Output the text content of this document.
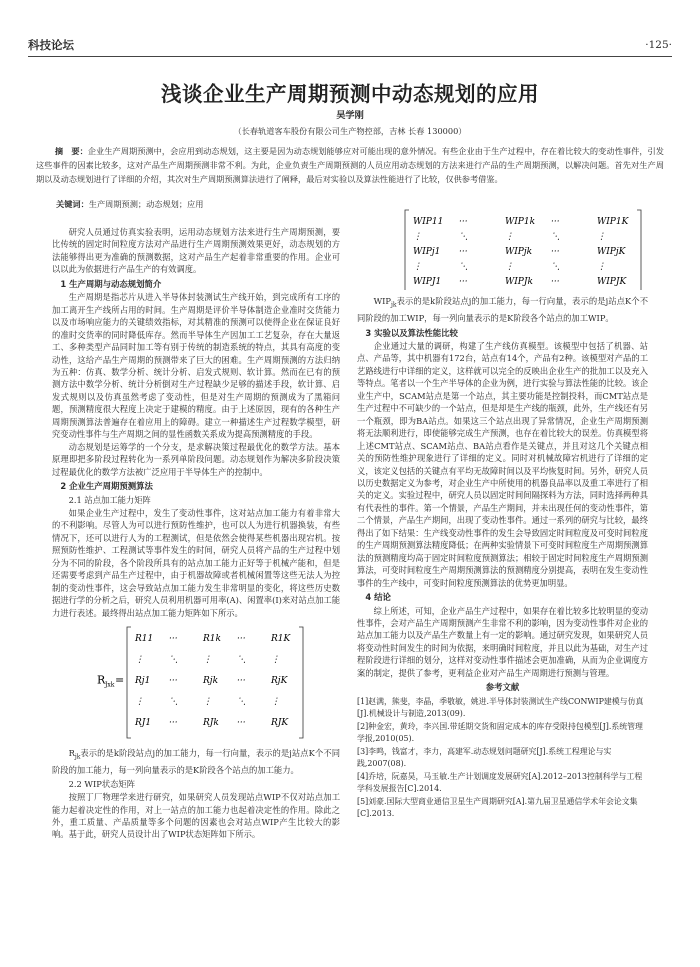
科技论坛	·125·
浅谈企业生产周期预测中动态规划的应用
吴学刚
（长春轨道客车股份有限公司生产物控部，吉林 长春 130000）
摘　要：企业生产周期预测中，会应用到动态规划，这主要是因为动态规划能够应对可能出现的意外情况。有些企业由于生产过程中，存在着比较大的变动性事件，引发这些事件的因素比较多，这对产品生产周期预测非常不利。为此，企业负责生产周期预测的人员应用动态规划的方法来进行产品的生产周期预测，以解决问题。首先对生产周期以及动态规划进行了详细的介绍，其次对生产周期预测算法进行了阐释，最后对实验以及算法性能进行了比较，仅供参考借鉴。
关键词：生产周期预测；动态规划；应用

研究人员通过仿真实验表明，运用动态规划方法来进行生产周期预测，要比传统的固定时间粒度方法对产品进行生产周期预测效果更好，动态规划的方法能够得出更为准确的预测数据，这对产品生产起着非常重要的作用。企业可以以此为依据进行产品生产的有效调度。

1 生产周期与动态规划简介

生产周期是指芯片从进入半导体封装测试生产线开始，到完成所有工序的加工离开生产线所占用的时间。生产周期是评价半导体制造企业准时交货能力以及市场响应能力的关键绩效指标，对其精准的预测可以使得企业在保证良好的准时交货率的同时降低库存。然而半导体生产因加工工艺复杂，存在大量返工、多种类型产品同时加工等有别于传统的制造系统的特点，其具有高度的变动性，这给产品生产周期的预测带来了巨大的困难。生产周期预测的方法归纳为五种：仿真、数学分析、统计分析、启发式规则、软计算。然而在已有的预测方法中数学分析、统计分析倒对生产过程缺少足够的描述手段，软计算、启发式规则以及仿真虽然考虑了变动性，但是对生产周期的预测成为了黑箱问题，预测精度很大程度上决定于建模的精度。由于上述原因，现有的各种生产周期预测算法普遍存在着应用上的障碍。建立一种描述生产过程数学模型，研究变动性事件与生产周期之间的显性函数关系成为提高预测精度的手段。

动态规划是运筹学的一个分支，是求解决策过程最优化的数学方法。基本原理即把多阶段过程转化为一系列单阶段问题。动态规划作为解决多阶段决策过程最优化的数学方法被广泛应用于半导体生产的控制中。

2 企业生产周期预测算法
2.1 站点加工能力矩阵

如果企业生产过程中，发生了变动性事件，这对站点加工能力有着非常大的不利影响。尽管人为可以进行预防性维护，也可以人为进行机器换装，有些情况下，还可以进行人为的工程测试，但是依然会使得某些机器出现宕机。按照预防性维护、工程测试等事件发生的时间，研究人员将产品的生产过程中划分为不同的阶段，各个阶段所具有的站点加工能力正好等于机械产能和，但是还需要考虑到产品生产过程中，由于机器故障或者机械闲置等这些无法人为控制的变动性事件，这会导致站点加工能力发生非常明显的变化，将这些历史数据进行学的分析之后，研究人员利用机器可用率(A)、闲置率(I)来对站点加工能力进行表述。最终得出站点加工能力矩阵如下所示。

R Jxk =
R11 ···	R1k ···	R1K
⋮	⋱	⋮	⋱	⋮
Rj1 ···	Rjk ···	RjK
⋮	⋱	⋮	⋱	⋮
RJ1 ···	RJk ···	RJK

$R_{jk}$表示的是k阶段站点j的加工能力，每一行向量，表示的是j站点K个不同阶段的加工能力，每一列向量表示的是K阶段各个站点的加工能力。

2.2 WIP状态矩阵

按照丁厂物理学来进行研究，如果研究人员发现站点WIP不仅对站点加工能力起着决定性的作用，对上一站点的加工能力也起着决定性的作用。除此之外，重工质量、产品质量等多个问题的因素也会对站点WIP产生比较大的影响。基于此，研究人员设计出了WIP状态矩阵如下所示。

WIP11 ···	WIP1k ···	WIP1K
⋮	⋱	⋮	⋱	⋮
WIPj1 ···	WIPjk ···	WIPjK
⋮	⋱	⋮	⋱	⋮
WIPJ1 ···	WIPJk ···	WIPJK

$WIP_{jk}$表示的是k阶段站点j的加工能力，每一行向量，表示的是j站点K个不同阶段的加工WIP，每一列向量表示的是K阶段各个站点的加工WIP。

3 实验以及算法性能比较

企业通过大量的调研，构建了生产线仿真模型。该模型中包括了机器、站点、产品等，其中机器有172台，站点有14个，产品有2种。该模型对产品的工艺路线进行中详细的定义，这样就可以完全的反映出企业生产的批加工以及充入等特点。笔者以一个生产半导体的企业为例，进行实验与算法性能的比较。该企业生产中，SCAM站点是第一个站点，其主要功能是控制投料，而CMT站点是生产过程中不可缺少的一个站点，但是却是生产线的瓶颈，此外，生产线还有另一个瓶颈，即为BA站点。如果这三个站点出现了异常情况，企业生产周期预测将无法顺利进行，即使能够完成生产预测，也存在着比较大的误差。仿真模型将上述CMT站点、SCAM站点、BA站点看作是关键点，并且对这几个关键点相关的预防性维护现象进行了详细的定义。同时对机械故障宕机进行了详细的定义，该定义包括的关键点有平均无故障时间以及平均恢复时间。另外，研究人员以历史数据定义为参考，对企业生产中所使用的机器良品率以及重工率进行了相关的定义。实验过程中，研究人员以固定时间间隔探料为方法，同时选择两种具有代表性的事件。第一个情景，产品生产期间，并未出现任何的变动性事件，第二个情景，产品生产期间，出现了变动性事件。通过一系列的研究与比较，最终得出了如下结果：生产线变动性事件的发生会导致固定时间粒度及可变时间粒度的生产周期预测算法精度降低；在两种实验情景下可变时间粒度生产周期预测算法的预测精度均高于固定时间粒度预测算法；相较于固定时间粒度生产周期预测算法，可变时间粒度生产周期预测算法的预测精度分别提高，表明在发生变动性事件的生产线中，可变时间粒度预测算法的优势更加明显。

4 结论

综上所述，可知，企业产品生产过程中，如果存在着比较多比较明显的变动性事件，会对产品生产周期预测产生非常不利的影响，因为变动性事件对企业的站点加工能力以及产品生产数量上有一定的影响。通过研究发现，如果研究人员将变动性时间发生的时间为依据，来明确时间粒度，并且以此为基础，对生产过程阶段进行详细的划分，这样对变动性事件描述会更加准确，从而为企业调度方案的制定，提供了参考，更利益企业对产品生产周期进行预测与管理。

参考文献

[1]赵满，熊斐，李晶，季敬敏，姚进.半导体封装测试生产线CONWIP建模与仿真[J].机械设计与制造,2013(09).

[2]种金宏，黄玲，李兴国.带延期交货和固定成本的库存受限持包模型[J].系统管理学报,2010(05).

[3]李鸣，钱富才，李力，高建军.动态规划问题研究[J].系统工程理论与实践,2007(08).

[4]乔培，阮嘉昊，马玉敏.生产计划调度发展研究[A].2012–2013控制科学与工程学科发展报告[C].2014.

[5]刘豪.国际大型商业通信卫星生产周期研究[A].第九届卫星通信学术年会论文集[C].2013.
